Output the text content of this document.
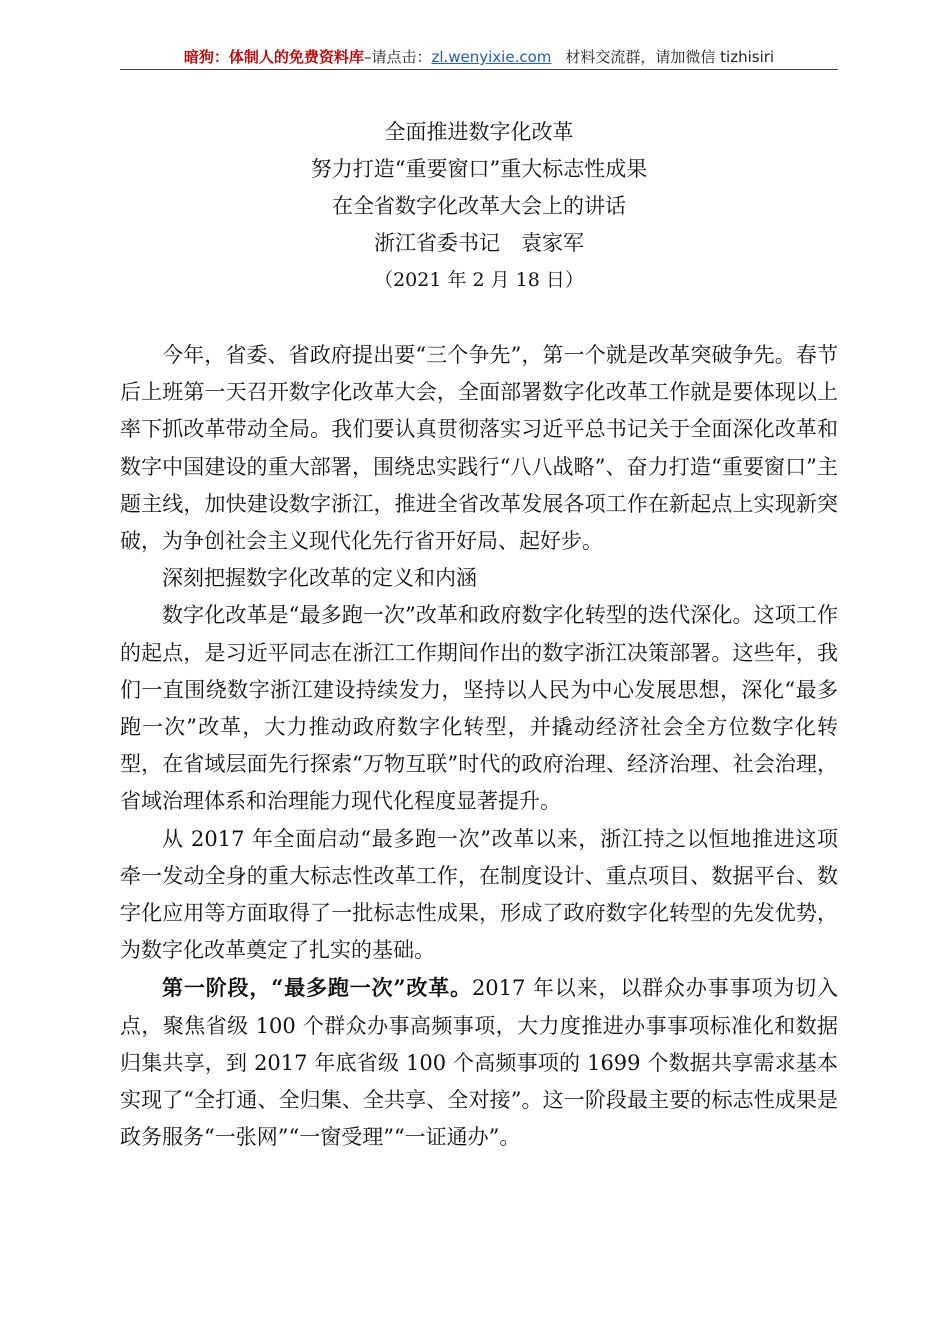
暗狗：体制人的免费资料库–请点击：zl.wenyixie.com 材料交流群，请加微信 tizhisiri
全面推进数字化改革
努力打造“重要窗口”重大标志性成果
在全省数字化改革大会上的讲话
浙江省委书记　袁家军
（2021 年 2 月 18 日）

今年，省委、省政府提出要“三个争先”，第一个就是改革突破争先。春节后上班第一天召开数字化改革大会，全面部署数字化改革工作就是要体现以上率下抓改革带动全局。我们要认真贯彻落实习近平总书记关于全面深化改革和数字中国建设的重大部署，围绕忠实践行“八八战略”、奋力打造“重要窗口”主题主线，加快建设数字浙江，推进全省改革发展各项工作在新起点上实现新突破，为争创社会主义现代化先行省开好局、起好步。

深刻把握数字化改革的定义和内涵

数字化改革是“最多跑一次”改革和政府数字化转型的迭代深化。这项工作的起点，是习近平同志在浙江工作期间作出的数字浙江决策部署。这些年，我们一直围绕数字浙江建设持续发力，坚持以人民为中心发展思想，深化“最多跑一次”改革，大力推动政府数字化转型，并撬动经济社会全方位数字化转型，在省域层面先行探索“万物互联”时代的政府治理、经济治理、社会治理，省域治理体系和治理能力现代化程度显著提升。

从 2017 年全面启动“最多跑一次”改革以来，浙江持之以恒地推进这项牵一发动全身的重大标志性改革工作，在制度设计、重点项目、数据平台、数字化应用等方面取得了一批标志性成果，形成了政府数字化转型的先发优势，为数字化改革奠定了扎实的基础。

第一阶段，“最多跑一次”改革。2017 年以来，以群众办事事项为切入点，聚焦省级 100 个群众办事高频事项，大力度推进办事事项标准化和数据归集共享，到 2017 年底省级 100 个高频事项的 1699 个数据共享需求基本实现了“全打通、全归集、全共享、全对接”。这一阶段最主要的标志性成果是政务服务“一张网”“一窗受理”“一证通办”。
